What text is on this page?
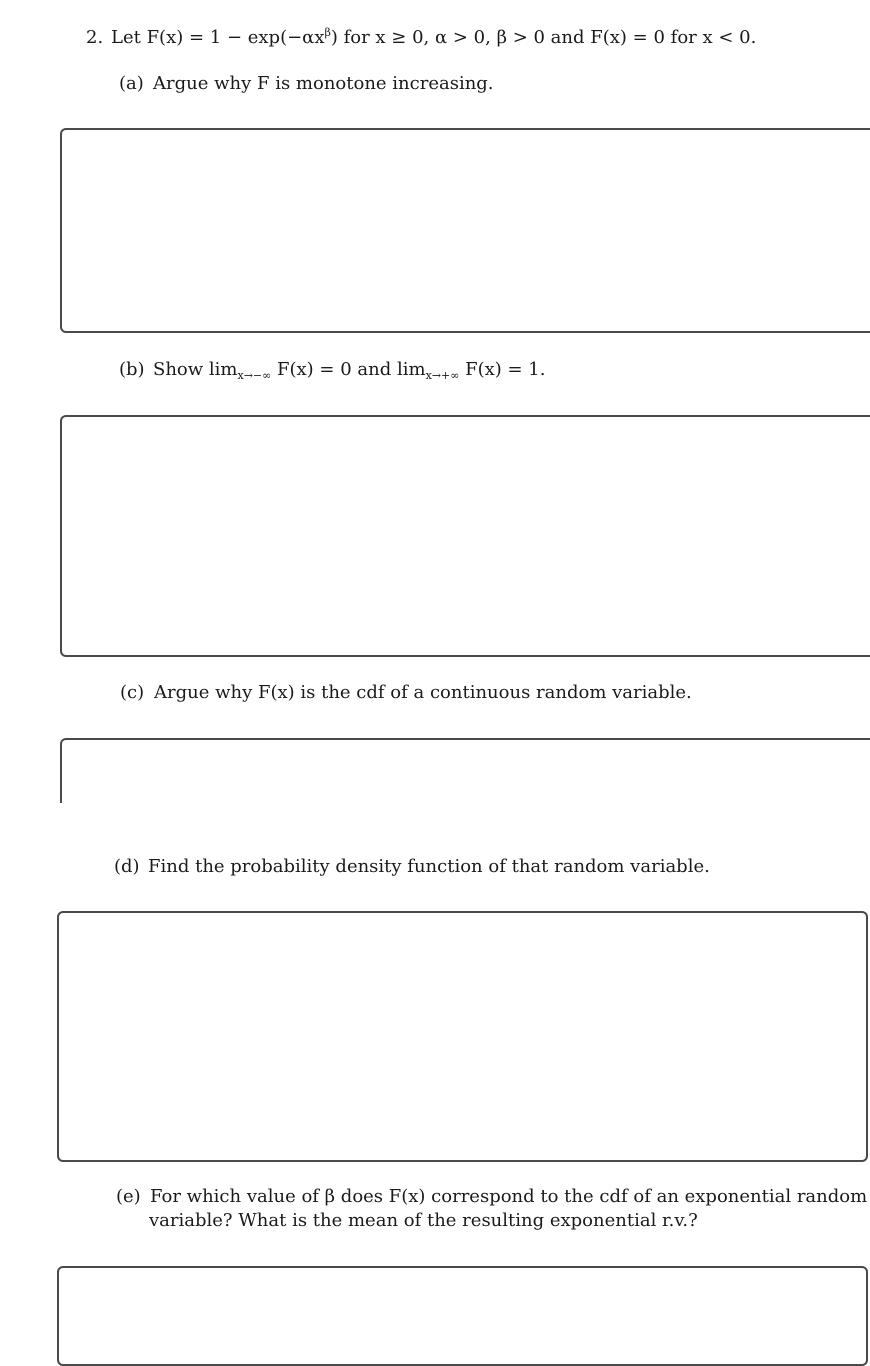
2. Let $F(x) = 1 - \exp(-\alpha x^\beta)$ for x ≥ 0, α > 0, β > 0 and F(x) = 0 for x < 0.
(a) Argue why F is monotone increasing.
(b) Show $\lim_{x\to-\infty} F(x) = 0$ and $\lim_{x\to+\infty} F(x) = 1$.
(c) Argue why F(x) is the cdf of a continuous random variable.
(d) Find the probability density function of that random variable.
(e) For which value of β does F(x) correspond to the cdf of an exponential random
variable? What is the mean of the resulting exponential r.v.?
